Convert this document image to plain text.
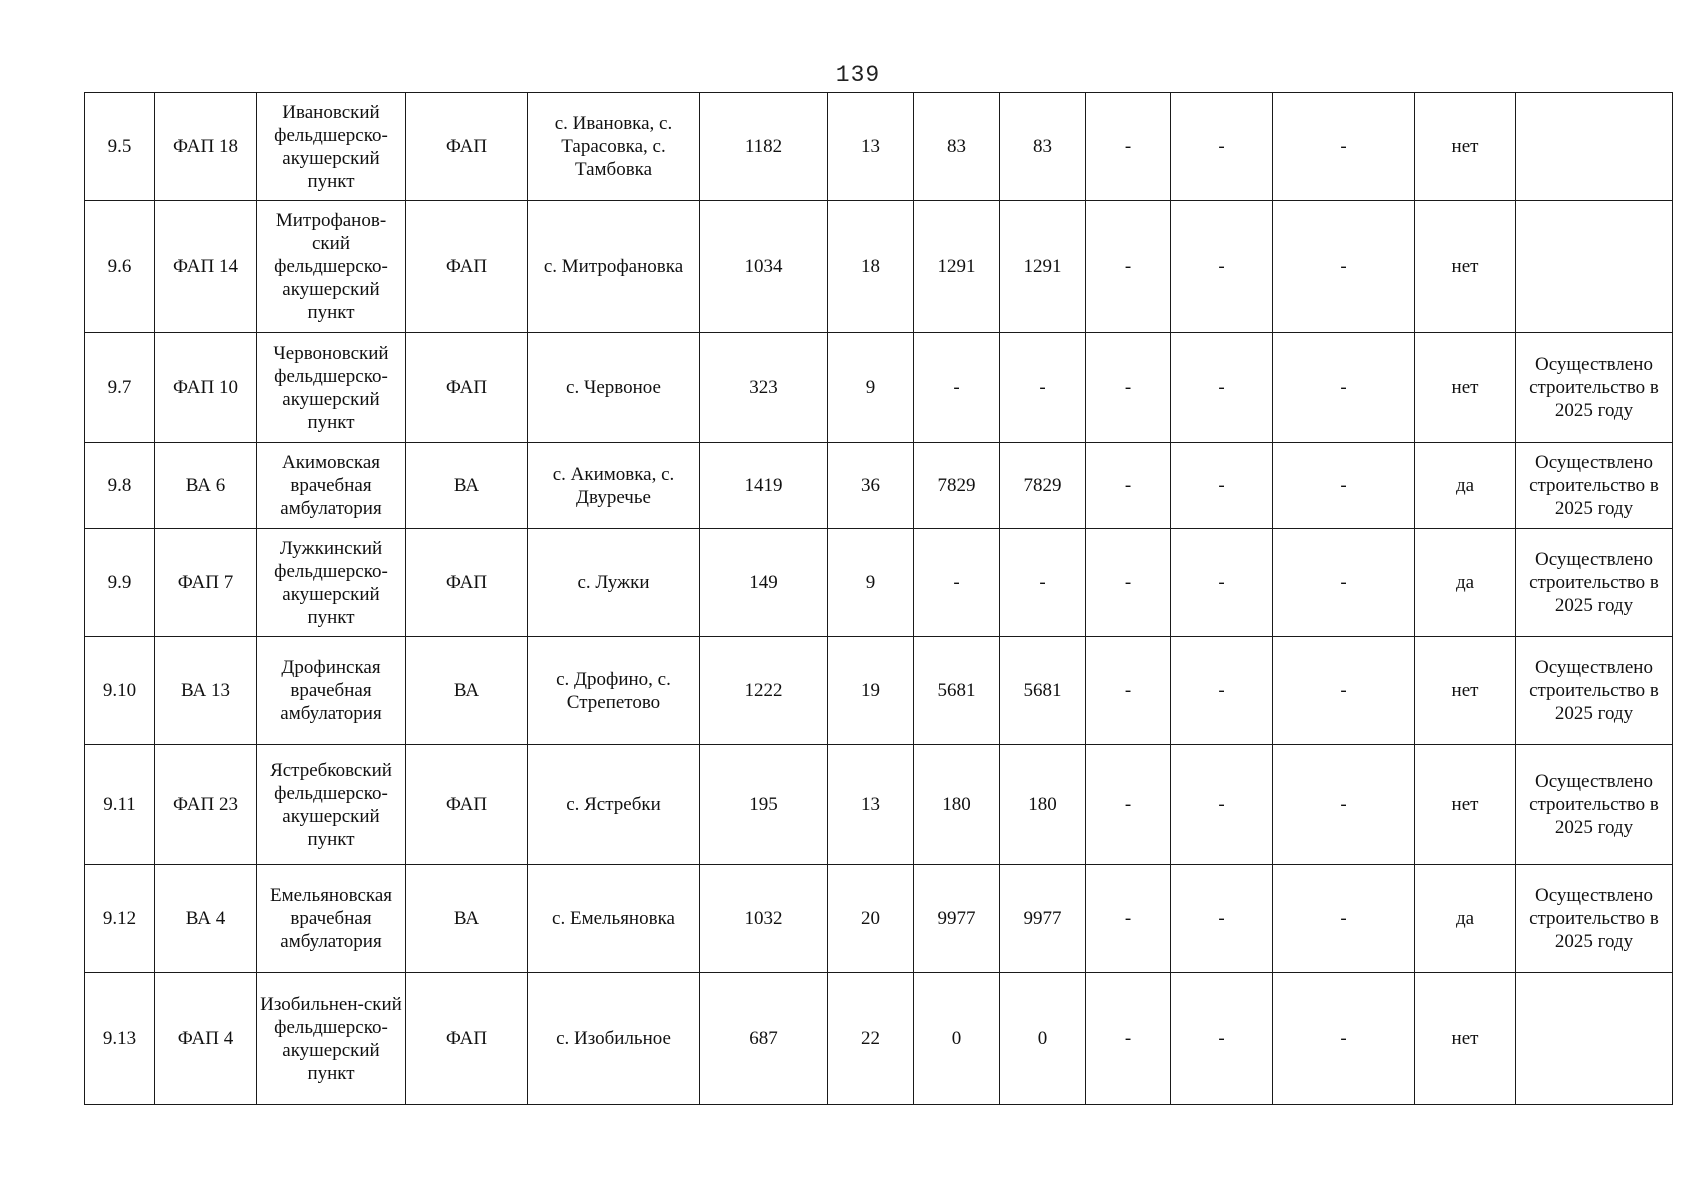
139
9.5	ФАП 18	Ивановский фельдшерско-акушерский пункт	ФАП	с. Ивановка, с. Тарасовка, с. Тамбовка	1182	13	83	83	-	-	-	нет	
9.6	ФАП 14	Митрофанов-ский фельдшерско-акушерский пункт	ФАП	с. Митрофановка	1034	18	1291	1291	-	-	-	нет	
9.7	ФАП 10	Червоновский фельдшерско-акушерский пункт	ФАП	с. Червоное	323	9	-	-	-	-	-	нет	Осуществлено строительство в 2025 году
9.8	ВА 6	Акимовская врачебная амбулатория	ВА	с. Акимовка, с. Двуречье	1419	36	7829	7829	-	-	-	да	Осуществлено строительство в 2025 году
9.9	ФАП 7	Лужкинский фельдшерско-акушерский пункт	ФАП	с. Лужки	149	9	-	-	-	-	-	да	Осуществлено строительство в 2025 году
9.10	ВА 13	Дрофинская врачебная амбулатория	ВА	с. Дрофино, с. Стрепетово	1222	19	5681	5681	-	-	-	нет	Осуществлено строительство в 2025 году
9.11	ФАП 23	Ястребковский фельдшерско-акушерский пункт	ФАП	с. Ястребки	195	13	180	180	-	-	-	нет	Осуществлено строительство в 2025 году
9.12	ВА 4	Емельяновская врачебная амбулатория	ВА	с. Емельяновка	1032	20	9977	9977	-	-	-	да	Осуществлено строительство в 2025 году
9.13	ФАП 4	Изобильнен-ский фельдшерско-акушерский пункт	ФАП	с. Изобильное	687	22	0	0	-	-	-	нет	
